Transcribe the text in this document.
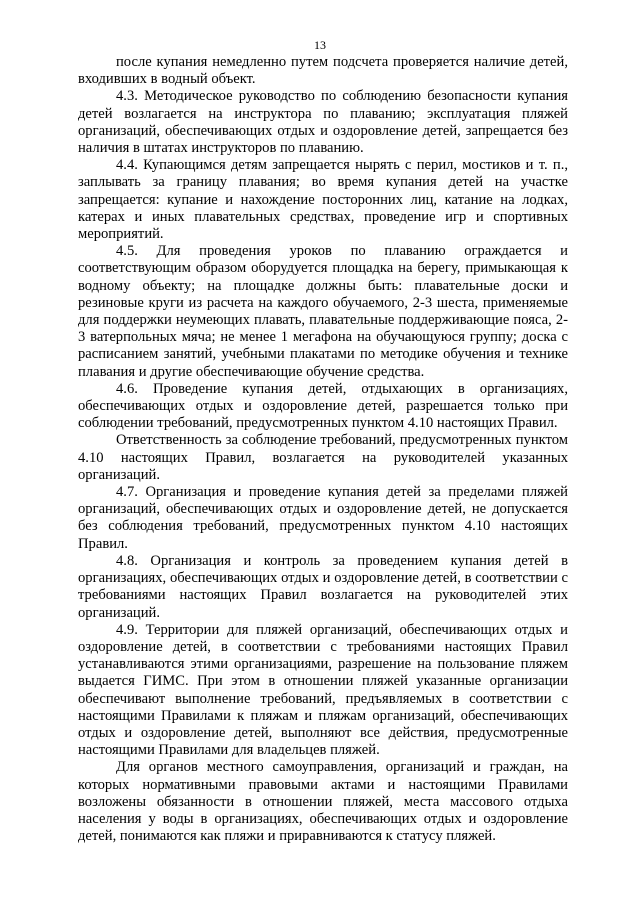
13

после купания немедленно путем подсчета проверяется наличие детей, входивших в водный объект.

4.3. Методическое руководство по соблюдению безопасности купания детей возлагается на инструктора по плаванию; эксплуатация пляжей организаций, обеспечивающих отдых и оздоровление детей, запрещается без наличия в штатах инструкторов по плаванию.

4.4. Купающимся детям запрещается нырять с перил, мостиков и т. п., заплывать за границу плавания; во время купания детей на участке запрещается: купание и нахождение посторонних лиц, катание на лодках, катерах и иных плавательных средствах, проведение игр и спортивных мероприятий.

4.5. Для проведения уроков по плаванию ограждается и соответствующим образом оборудуется площадка на берегу, примыкающая к водному объекту; на площадке должны быть: плавательные доски и резиновые круги из расчета на каждого обучаемого, 2-3 шеста, применяемые для поддержки неумеющих плавать, плавательные поддерживающие пояса, 2-3 ватерпольных мяча; не менее 1 мегафона на обучающуюся группу; доска с расписанием занятий, учебными плакатами по методике обучения и технике плавания и другие обеспечивающие обучение средства.

4.6. Проведение купания детей, отдыхающих в организациях, обеспечивающих отдых и оздоровление детей, разрешается только при соблюдении требований, предусмотренных пунктом 4.10 настоящих Правил.

Ответственность за соблюдение требований, предусмотренных пунктом 4.10 настоящих Правил, возлагается на руководителей указанных организаций.

4.7. Организация и проведение купания детей за пределами пляжей организаций, обеспечивающих отдых и оздоровление детей, не допускается без соблюдения требований, предусмотренных пунктом 4.10 настоящих Правил.

4.8. Организация и контроль за проведением купания детей в организациях, обеспечивающих отдых и оздоровление детей, в соответствии с требованиями настоящих Правил возлагается на руководителей этих организаций.

4.9. Территории для пляжей организаций, обеспечивающих отдых и оздоровление детей, в соответствии с требованиями настоящих Правил устанавливаются этими организациями, разрешение на пользование пляжем выдается ГИМС. При этом в отношении пляжей указанные организации обеспечивают выполнение требований, предъявляемых в соответствии с настоящими Правилами к пляжам и пляжам организаций, обеспечивающих отдых и оздоровление детей, выполняют все действия, предусмотренные настоящими Правилами для владельцев пляжей.

Для органов местного самоуправления, организаций и граждан, на которых нормативными правовыми актами и настоящими Правилами возложены обязанности в отношении пляжей, места массового отдыха населения у воды в организациях, обеспечивающих отдых и оздоровление детей, понимаются как пляжи и приравниваются к статусу пляжей.
